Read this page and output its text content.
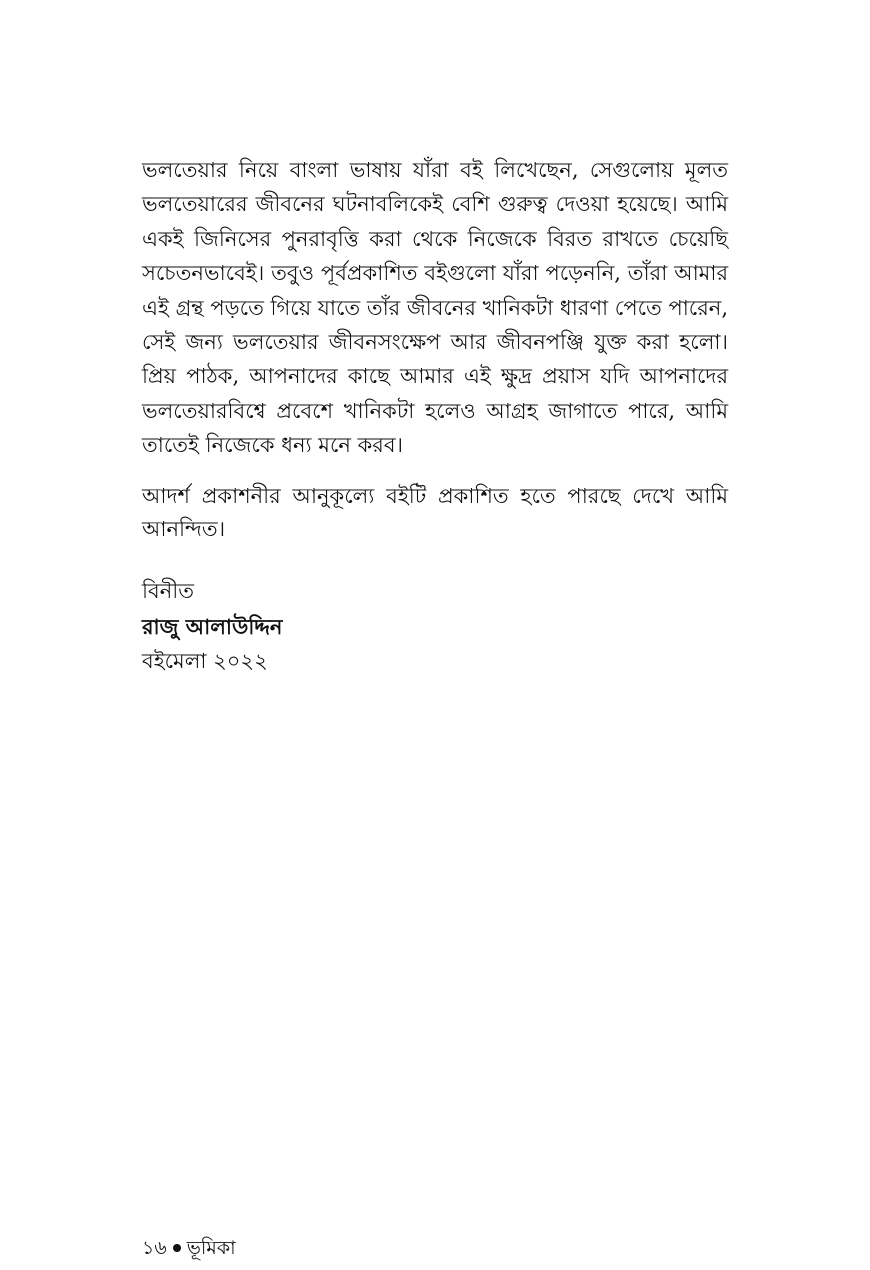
ভলতেয়ার নিয়ে বাংলা ভাষায় যাঁরা বই লিখেছেন, সেগুলোয় মূলত ভলতেয়ারের জীবনের ঘটনাবলিকেই বেশি গুরুত্ব দেওয়া হয়েছে। আমি একই জিনিসের পুনরাবৃত্তি করা থেকে নিজেকে বিরত রাখতে চেয়েছি সচেতনভাবেই। তবুও পূর্বপ্রকাশিত বইগুলো যাঁরা পড়েননি, তাঁরা আমার এই গ্রন্থ পড়তে গিয়ে যাতে তাঁর জীবনের খানিকটা ধারণা পেতে পারেন, সেই জন্য ভলতেয়ার জীবনসংক্ষেপ আর জীবনপঞ্জি যুক্ত করা হলো। প্রিয় পাঠক, আপনাদের কাছে আমার এই ক্ষুদ্র প্রয়াস যদি আপনাদের ভলতেয়ারবিশ্বে প্রবেশে খানিকটা হলেও আগ্রহ জাগাতে পারে, আমি তাতেই নিজেকে ধন্য মনে করব।

আদর্শ প্রকাশনীর আনুকূল্যে বইটি প্রকাশিত হতে পারছে দেখে আমি আনন্দিত।

বিনীত
রাজু আলাউদ্দিন
বইমেলা ২০২২
১৬ ভূমিকা
